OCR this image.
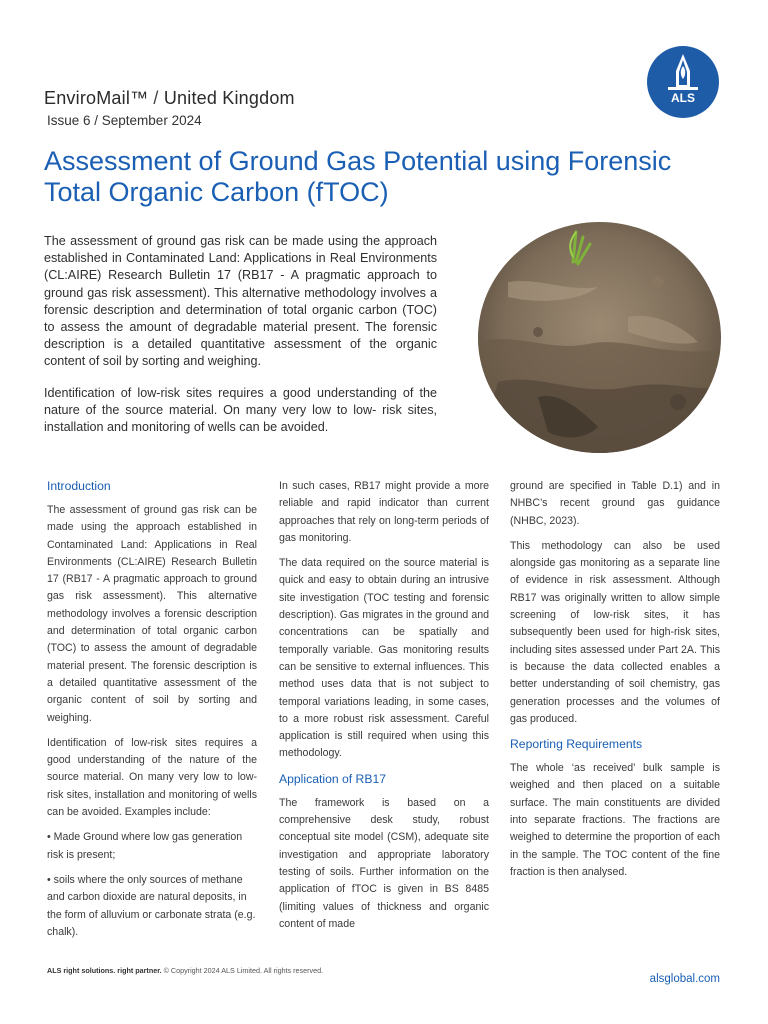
EnviroMail™ / United Kingdom
Issue 6 / September 2024
ALS
Assessment of Ground Gas Potential using Forensic Total Organic Carbon (fTOC)

The assessment of ground gas risk can be made using the approach established in Contaminated Land: Applications in Real Environments (CL:AIRE) Research Bulletin 17 (RB17 - A pragmatic approach to ground gas risk assessment). This alternative methodology involves a forensic description and determination of total organic carbon (TOC) to assess the amount of degradable material present. The forensic description is a detailed quantitative assessment of the organic content of soil by sorting and weighing.

Identification of low-risk sites requires a good understanding of the nature of the source material. On many very low to low- risk sites, installation and monitoring of wells can be avoided.

Introduction

The assessment of ground gas risk can be made using the approach established in Contaminated Land: Applications in Real Environments (CL:AIRE) Research Bulletin 17 (RB17 - A pragmatic approach to ground gas risk assessment). This alternative methodology involves a forensic description and determination of total organic carbon (TOC) to assess the amount of degradable material present. The forensic description is a detailed quantitative assessment of the organic content of soil by sorting and weighing.

Identification of low-risk sites requires a good understanding of the nature of the source material. On many very low to low-risk sites, installation and monitoring of wells can be avoided. Examples include:

• Made Ground where low gas generation risk is present;

• soils where the only sources of methane and carbon dioxide are natural deposits, in the form of alluvium or carbonate strata (e.g. chalk).

In such cases, RB17 might provide a more reliable and rapid indicator than current approaches that rely on long-term periods of gas monitoring.

The data required on the source material is quick and easy to obtain during an intrusive site investigation (TOC testing and forensic description). Gas migrates in the ground and concentrations can be spatially and temporally variable. Gas monitoring results can be sensitive to external influences. This method uses data that is not subject to temporal variations leading, in some cases, to a more robust risk assessment. Careful application is still required when using this methodology.

Application of RB17

The framework is based on a comprehensive desk study, robust conceptual site model (CSM), adequate site investigation and appropriate laboratory testing of soils. Further information on the application of fTOC is given in BS 8485 (limiting values of thickness and organic content of made

ground are specified in Table D.1) and in NHBC’s recent ground gas guidance (NHBC, 2023).

This methodology can also be used alongside gas monitoring as a separate line of evidence in risk assessment. Although RB17 was originally written to allow simple screening of low-risk sites, it has subsequently been used for high-risk sites, including sites assessed under Part 2A. This is because the data collected enables a better understanding of soil chemistry, gas generation processes and the volumes of gas produced.

Reporting Requirements

The whole ‘as received’ bulk sample is weighed and then placed on a suitable surface. The main constituents are divided into separate fractions. The fractions are weighed to determine the proportion of each in the sample. The TOC content of the fine fraction is then analysed.

ALS right solutions. right partner. © Copyright 2024 ALS Limited. All rights reserved.
alsglobal.com
